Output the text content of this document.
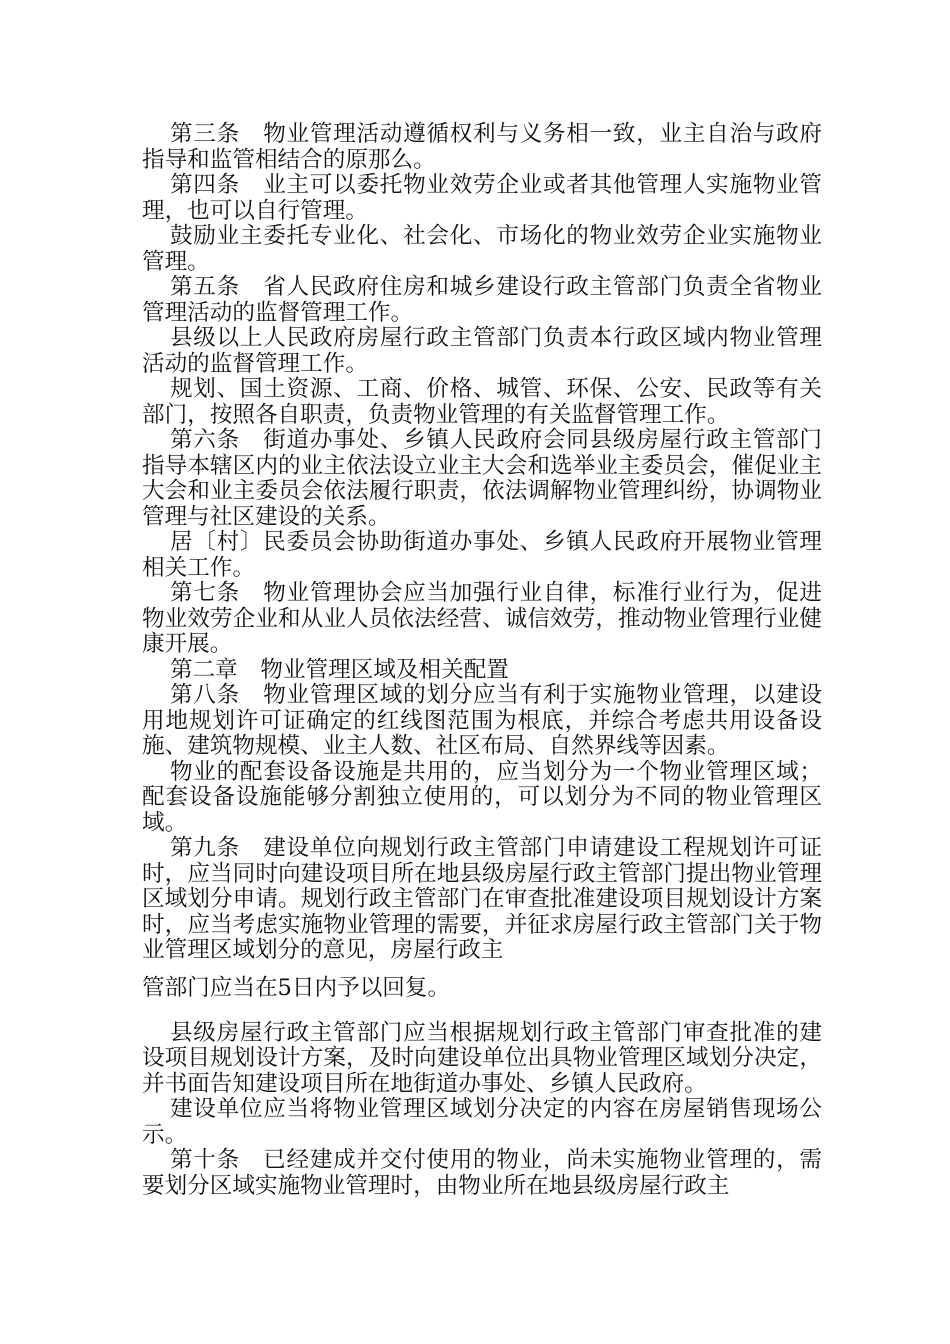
第三条　物业管理活动遵循权利与义务相一致，业主自治与政府指导和监管相结合的原那么。

第四条　业主可以委托物业效劳企业或者其他管理人实施物业管理，也可以自行管理。

鼓励业主委托专业化、社会化、市场化的物业效劳企业实施物业管理。

第五条　省人民政府住房和城乡建设行政主管部门负责全省物业管理活动的监督管理工作。

县级以上人民政府房屋行政主管部门负责本行政区域内物业管理活动的监督管理工作。

规划、国土资源、工商、价格、城管、环保、公安、民政等有关部门，按照各自职责，负责物业管理的有关监督管理工作。

第六条　街道办事处、乡镇人民政府会同县级房屋行政主管部门指导本辖区内的业主依法设立业主大会和选举业主委员会，催促业主大会和业主委员会依法履行职责，依法调解物业管理纠纷，协调物业管理与社区建设的关系。

居〔村〕民委员会协助街道办事处、乡镇人民政府开展物业管理相关工作。

第七条　物业管理协会应当加强行业自律，标准行业行为，促进物业效劳企业和从业人员依法经营、诚信效劳，推动物业管理行业健康开展。

第二章　物业管理区域及相关配置

第八条　物业管理区域的划分应当有利于实施物业管理，以建设用地规划许可证确定的红线图范围为根底，并综合考虑共用设备设施、建筑物规模、业主人数、社区布局、自然界线等因素。

物业的配套设备设施是共用的，应当划分为一个物业管理区域；配套设备设施能够分割独立使用的，可以划分为不同的物业管理区域。

第九条　建设单位向规划行政主管部门申请建设工程规划许可证时，应当同时向建设项目所在地县级房屋行政主管部门提出物业管理区域划分申请。规划行政主管部门在审查批准建设项目规划设计方案时，应当考虑实施物业管理的需要，并征求房屋行政主管部门关于物业管理区域划分的意见，房屋行政主

管部门应当在5日内予以回复。

县级房屋行政主管部门应当根据规划行政主管部门审查批准的建设项目规划设计方案，及时向建设单位出具物业管理区域划分决定，并书面告知建设项目所在地街道办事处、乡镇人民政府。

建设单位应当将物业管理区域划分决定的内容在房屋销售现场公示。

第十条　已经建成并交付使用的物业，尚未实施物业管理的，需要划分区域实施物业管理时，由物业所在地县级房屋行政主
